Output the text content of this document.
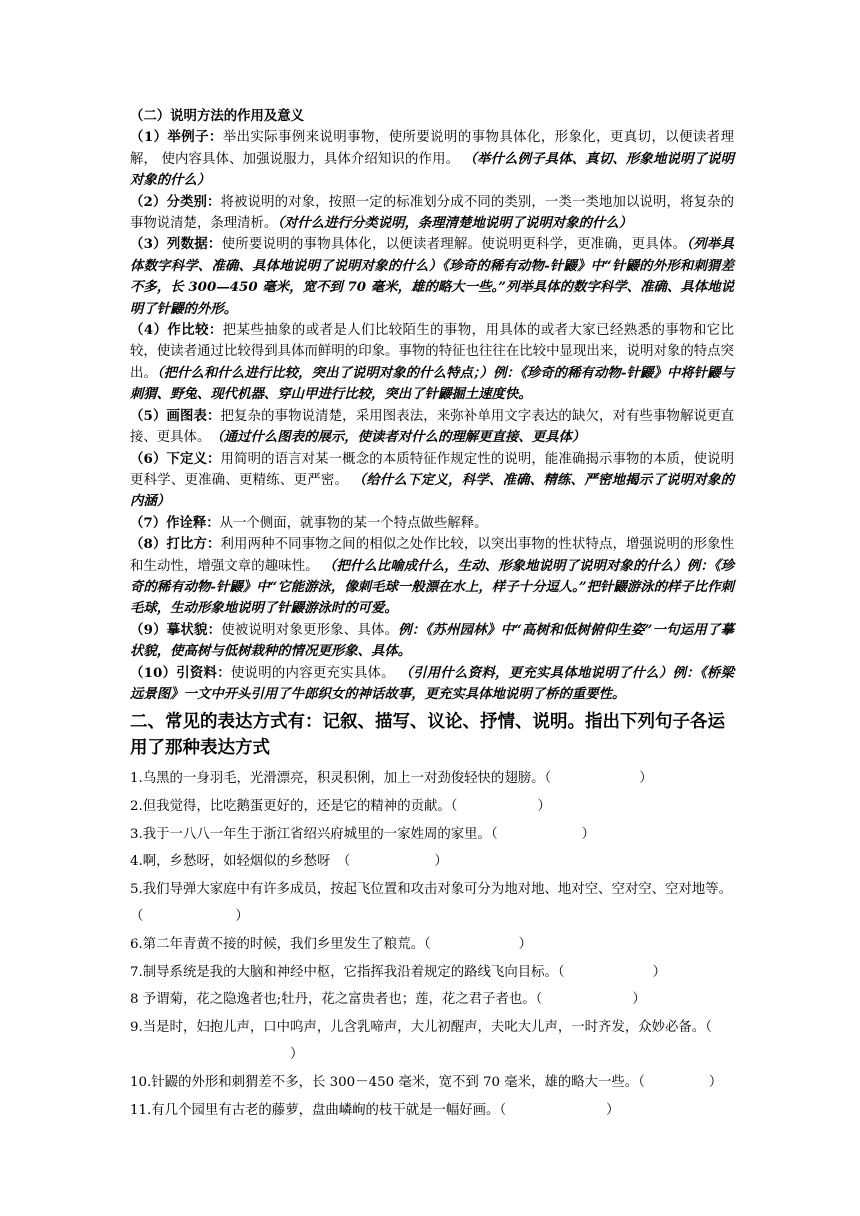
（二）说明方法的作用及意义

（1）举例子：举出实际事例来说明事物，使所要说明的事物具体化，形象化，更真切，以便读者理解， 使内容具体、加强说服力，具体介绍知识的作用。 （举什么例子具体、真切、形象地说明了说明对象的什么）

（2）分类别：将被说明的对象，按照一定的标准划分成不同的类别，一类一类地加以说明，将复杂的事物说清楚，条理清析。（对什么进行分类说明，条理清楚地说明了说明对象的什么）

（3）列数据：使所要说明的事物具体化，以便读者理解。使说明更科学，更准确，更具体。（列举具体数字科学、准确、具体地说明了说明对象的什么）《珍奇的稀有动物-针鼹》中“针鼹的外形和刺猬差不多，长 300—450 毫米，宽不到 70 毫米，雄的略大一些。”列举具体的数字科学、准确、具体地说明了针鼹的外形。

（4）作比较：把某些抽象的或者是人们比较陌生的事物，用具体的或者大家已经熟悉的事物和它比较，使读者通过比较得到具体而鲜明的印象。事物的特征也往往在比较中显现出来，说明对象的特点突出。（把什么和什么进行比较，突出了说明对象的什么特点；）例：《珍奇的稀有动物-针鼹》中将针鼹与刺猬、野兔、现代机器、穿山甲进行比较，突出了针鼹掘土速度快。

（5）画图表：把复杂的事物说清楚，采用图表法，来弥补单用文字表达的缺欠，对有些事物解说更直接、更具体。　（通过什么图表的展示，使读者对什么的理解更直接、更具体）

（6）下定义：用简明的语言对某一概念的本质特征作规定性的说明，能准确揭示事物的本质，使说明更科学、更准确、更精练、更严密。 （给什么下定义，科学、准确、精练、严密地揭示了说明对象的内涵）

（7）作诠释：从一个侧面，就事物的某一个特点做些解释。

（8）打比方：利用两种不同事物之间的相似之处作比较，以突出事物的性状特点，增强说明的形象性和生动性，增强文章的趣味性。 （把什么比喻成什么，生动、形象地说明了说明对象的什么）例：《珍奇的稀有动物-针鼹》中“它能游泳，像刺毛球一般漂在水上，样子十分逗人。”把针鼹游泳的样子比作刺毛球，生动形象地说明了针鼹游泳时的可爱。

（9）摹状貌：使被说明对象更形象、具体。例：《苏州园林》中“高树和低树俯仰生姿”一句运用了摹状貌，使高树与低树栽种的情况更形象、具体。

（10）引资料：使说明的内容更充实具体。 （引用什么资料，更充实具体地说明了什么）例：《桥梁远景图》一文中开头引用了牛郎织女的神话故事，更充实具体地说明了桥的重要性。

二、常见的表达方式有：记叙、描写、议论、抒情、说明。指出下列句子各运用了那种表达方式

1.乌黑的一身羽毛，光滑漂亮，积灵积俐，加上一对劲俊轻快的翅膀。（	）

2.但我觉得，比吃鹅蛋更好的，还是它的精神的贡献。（	）

3.我于一八八一年生于浙江省绍兴府城里的一家姓周的家里。（	）

4.啊，乡愁呀，如轻烟似的乡愁呀　（	）

5.我们导弹大家庭中有许多成员，按起飞位置和攻击对象可分为地对地、地对空、空对空、空对地等。　（	）

6.第二年青黄不接的时候，我们乡里发生了粮荒。（	）

7.制导系统是我的大脑和神经中枢，它指挥我沿着规定的路线飞向目标。（	）

8 予谓菊，花之隐逸者也;牡丹，花之富贵者也；莲，花之君子者也。（	）

9.当是时，妇抱儿声，口中呜声，儿含乳啼声，大儿初醒声，夫叱大儿声，一时齐发，众妙必备。（）

10.针鼹的外形和刺猬差不多，长 300－450 毫米，宽不到 70 毫米，雄的略大一些。（	）

11.有几个园里有古老的藤萝，盘曲嶙峋的枝干就是一幅好画。（	）
